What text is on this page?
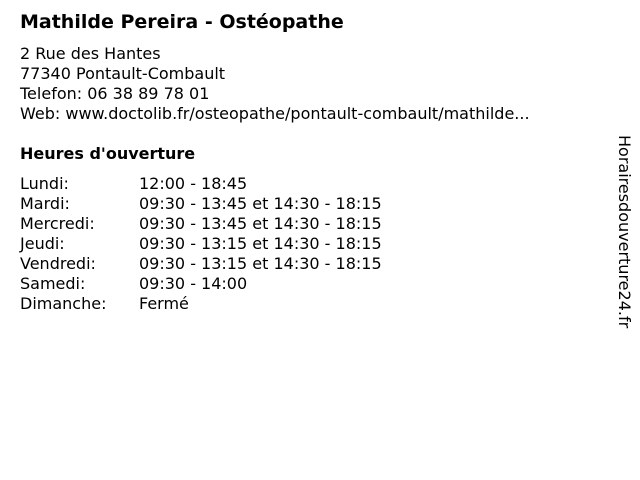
Mathilde Pereira - Ostéopathe
2 Rue des Hantes
77340 Pontault-Combault
Telefon: 06 38 89 78 01
Web: www.doctolib.fr/osteopathe/pontault-combault/mathilde...
Heures d'ouverture
Lundi:	12:00 - 18:45
Mardi:	09:30 - 13:45 et 14:30 - 18:15
Mercredi:	09:30 - 13:45 et 14:30 - 18:15
Jeudi:	09:30 - 13:15 et 14:30 - 18:15
Vendredi:	09:30 - 13:15 et 14:30 - 18:15
Samedi:	09:30 - 14:00
Dimanche: Fermé	Horairesdouverture24.fr
